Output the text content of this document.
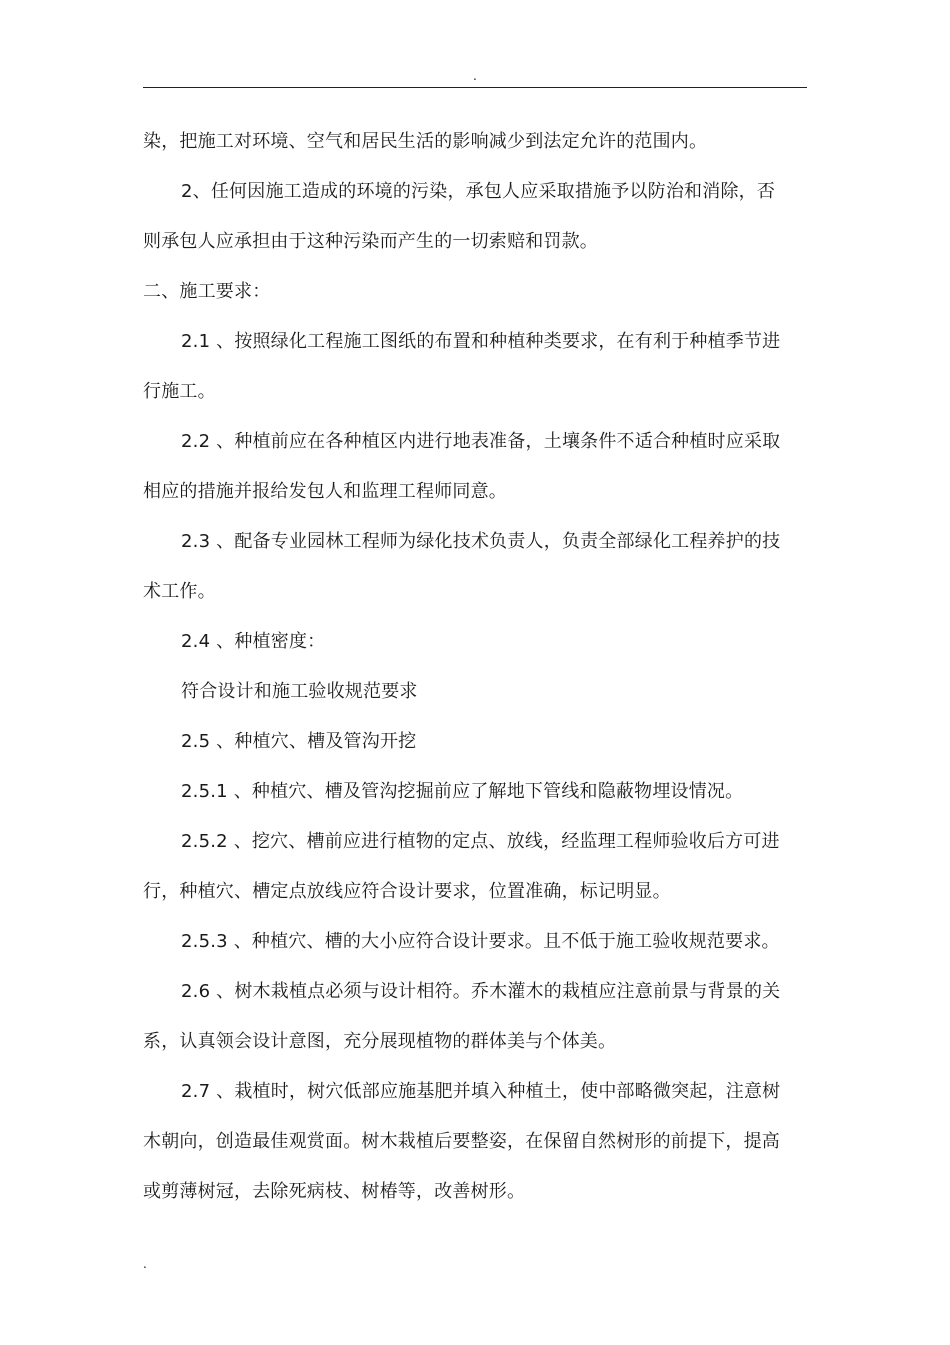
.
染，把施工对环境、空气和居民生活的影响减少到法定允许的范围内。
2、任何因施工造成的环境的污染，承包人应采取措施予以防治和消除，否
则承包人应承担由于这种污染而产生的一切索赔和罚款。
二、施工要求：
2.1 、按照绿化工程施工图纸的布置和种植种类要求，在有利于种植季节进
行施工。
2.2 、种植前应在各种植区内进行地表准备，土壤条件不适合种植时应采取
相应的措施并报给发包人和监理工程师同意。
2.3 、配备专业园林工程师为绿化技术负责人，负责全部绿化工程养护的技
术工作。
2.4 、种植密度：
符合设计和施工验收规范要求
2.5 、种植穴、槽及管沟开挖
2.5.1 、种植穴、槽及管沟挖掘前应了解地下管线和隐蔽物埋设情况。
2.5.2 、挖穴、槽前应进行植物的定点、放线，经监理工程师验收后方可进
行，种植穴、槽定点放线应符合设计要求，位置准确，标记明显。
2.5.3 、种植穴、槽的大小应符合设计要求。且不低于施工验收规范要求。
2.6 、树木栽植点必须与设计相符。乔木灌木的栽植应注意前景与背景的关
系，认真领会设计意图，充分展现植物的群体美与个体美。
2.7 、栽植时，树穴低部应施基肥并填入种植土，使中部略微突起，注意树
木朝向，创造最佳观赏面。树木栽植后要整姿，在保留自然树形的前提下，提高
或剪薄树冠，去除死病枝、树椿等，改善树形。
.
